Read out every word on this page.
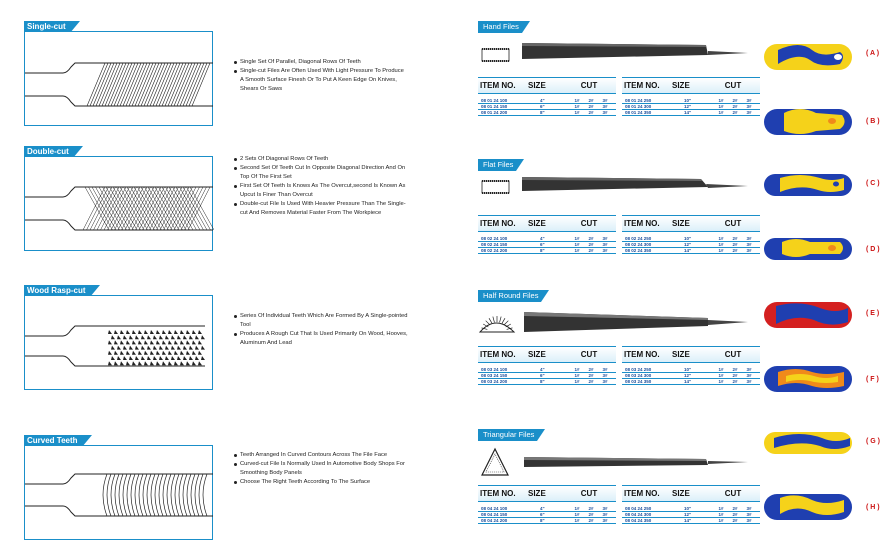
Single-cut
Single Set Of Parallel, Diagonal Rows Of Teeth
Single-cut Files Are Often Used With Light Pressure To Produce A Smooth Surface Finesh Or To Put A Keen Edge On Knives, Shears Or Saws
Double-cut
2 Sets Of Diagonal Rows Of Teeth
Second Set Of Teeth Cut In Opposite Diagonal Direction And On Top Of The First Set
First Set Of Teeth Is Knows As The Overcut,second Is Known As Upcut Is Finer Than Overcut
Double-cut File Is Used With Heavier Pressure Than The Single-cut And Removes Material Faster From The Workpiece
Wood Rasp-cut
Series Of Individual Teeth Which Are Formed By A Single-pointed Tool
Produces A Rough Cut That Is Used Primarily On Wood, Hooves, Aluminum And Lead
Curved Teeth
Teeth Arranged In Curved Contours Across The File Face
Curved-cut File Is Normally Used In Automotive Body Shops For Smoothing Body Panels
Choose The Right Teeth According To The Surface
Hand Files
ITEM NO.	SIZE	CUT
08 01 24 100	4"	1#	2#	3#
08 01 24 150	6"	1#	2#	3#
08 01 24 200	8"	1#	2#	3#
ITEM NO.	SIZE	CUT
08 01 24 250	10"	1#	2#	3#
08 01 24 300	12"	1#	2#	3#
08 01 24 350	14"	1#	2#	3#
Flat Files
ITEM NO.	SIZE	CUT
08 02 24 100	4"	1#	2#	3#
08 02 24 150	6"	1#	2#	3#
08 02 24 200	8"	1#	2#	3#
ITEM NO.	SIZE	CUT
08 02 24 250	10"	1#	2#	3#
08 02 24 300	12"	1#	2#	3#
08 02 24 350	14"	1#	2#	3#
Half Round Files
ITEM NO.	SIZE	CUT
08 03 24 100	4"	1#	2#	3#
08 03 24 150	6"	1#	2#	3#
08 03 24 200	8"	1#	2#	3#
ITEM NO.	SIZE	CUT
08 03 24 250	10"	1#	2#	3#
08 03 24 300	12"	1#	2#	3#
08 03 24 350	14"	1#	2#	3#
Triangular Files
ITEM NO.	SIZE	CUT
08 04 24 100	4"	1#	2#	3#
08 04 24 150	6"	1#	2#	3#
08 04 24 200	8"	1#	2#	3#
ITEM NO.	SIZE	CUT
08 04 24 250	10"	1#	2#	3#
08 04 24 300	12"	1#	2#	3#
08 04 24 350	14"	1#	2#	3#
( A )
( B )
( C )
( D )
( E )
( F )
( G )
( H )
